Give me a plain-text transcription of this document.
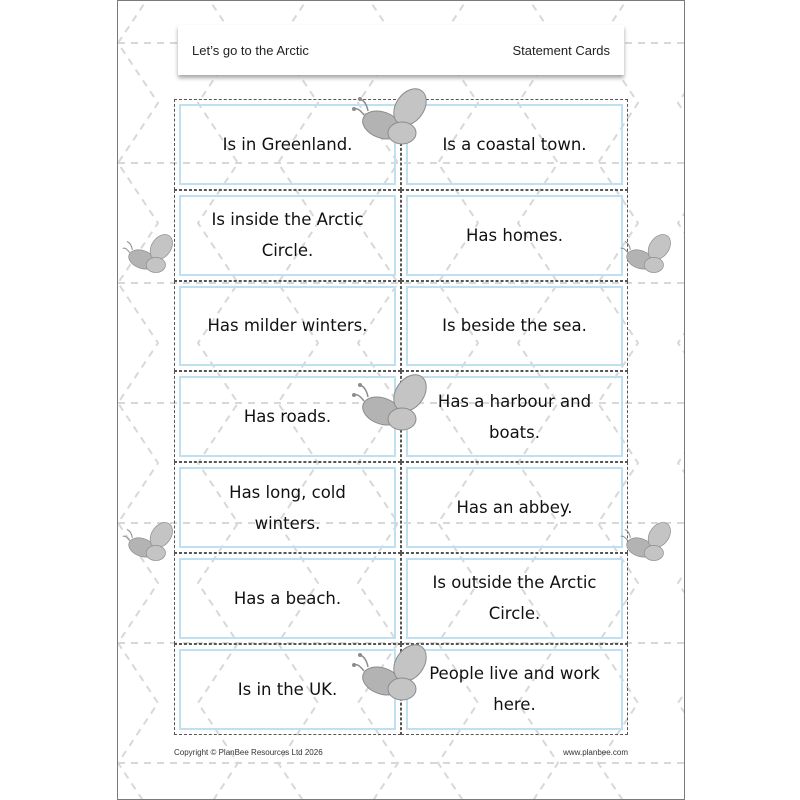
Let’s go to the Arctic	Statement Cards
Is in Greenland.	Is a coastal town.
Is inside the Arctic Circle.
Has homes.
Has milder winters.	Is beside the sea.
Has roads.
Has a harbour and boats.
Has long, cold winters.
Has an abbey.
Has a beach.
Is outside the Arctic Circle.
Is in the UK.
People live and work here.
Copyright © PlanBee Resources Ltd 2026	www.planbee.com
